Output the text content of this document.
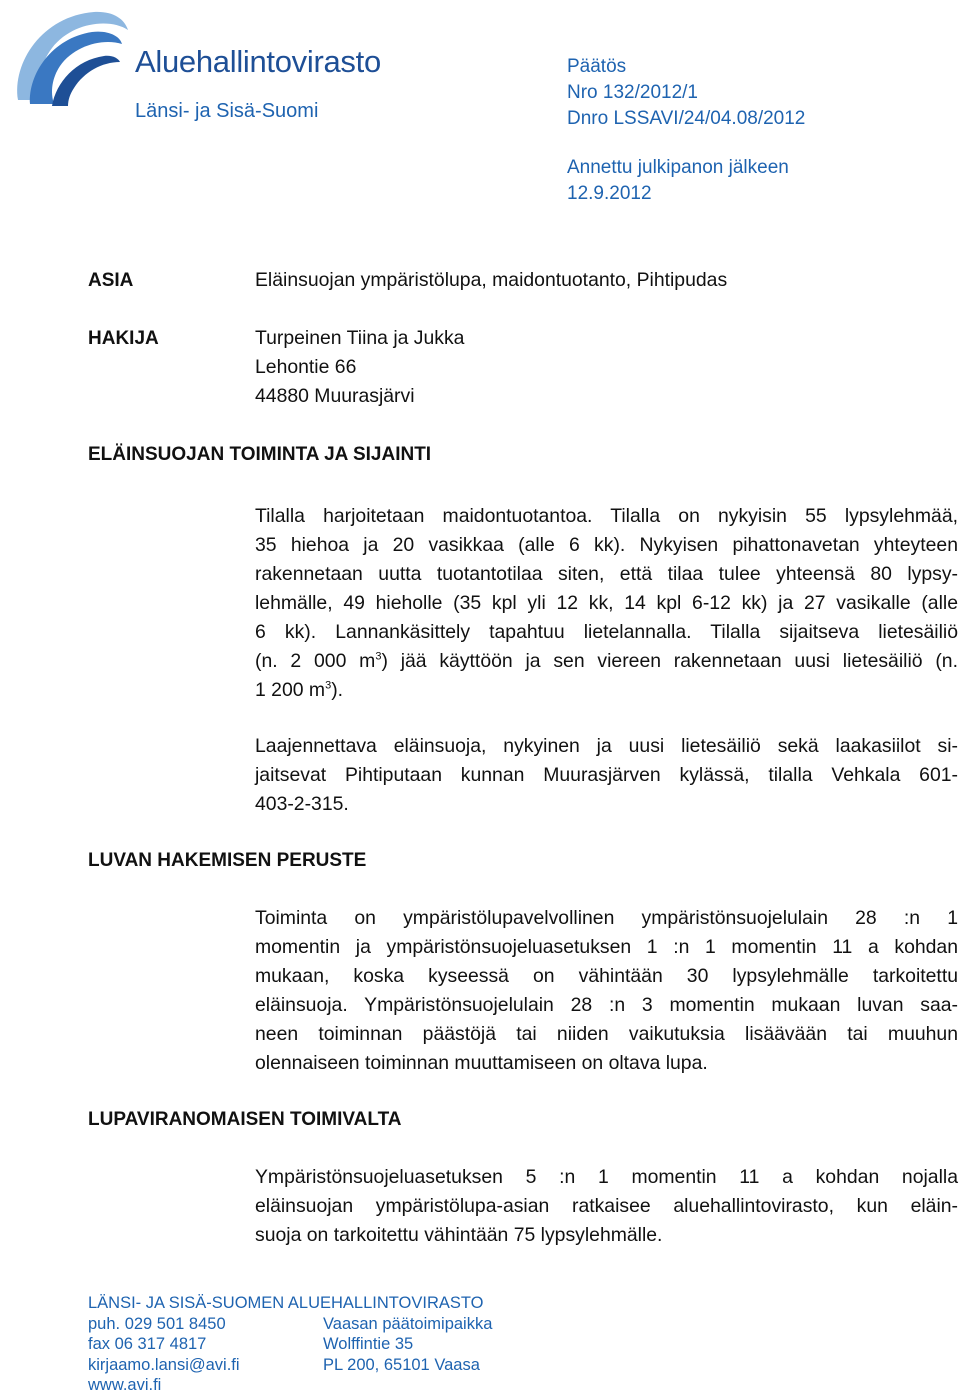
Aluehallintovirasto
Länsi- ja Sisä-Suomi
Päätös
Nro 132/2012/1
Dnro LSSAVI/24/04.08/2012
Annettu julkipanon jälkeen
12.9.2012
ASIA	Eläinsuojan ympäristölupa, maidontuotanto, Pihtipudas
HAKIJA	Turpeinen Tiina ja Jukka
Lehontie 66
44880 Muurasjärvi
ELÄINSUOJAN TOIMINTA JA SIJAINTI
Tilalla harjoitetaan maidontuotantoa. Tilalla on nykyisin 55 lypsylehmää,
35 hiehoa ja 20 vasikkaa (alle 6 kk). Nykyisen pihattonavetan yhteyteen
rakennetaan uutta tuotantotilaa siten, että tilaa tulee yhteensä 80 lypsy-
lehmälle, 49 hieholle (35 kpl yli 12 kk, 14 kpl 6-12 kk) ja 27 vasikalle (alle
6 kk). Lannankäsittely tapahtuu lietelannalla. Tilalla sijaitseva lietesäiliö
(n. 2 000 $m^3$) jää käyttöön ja sen viereen rakennetaan uusi lietesäiliö (n.
1 200 $m^3$).
Laajennettava eläinsuoja, nykyinen ja uusi lietesäiliö sekä laakasiilot si-
jaitsevat Pihtiputaan kunnan Muurasjärven kylässä, tilalla Vehkala 601-
403-2-315.
LUVAN HAKEMISEN PERUSTE
Toiminta on ympäristölupavelvollinen ympäristönsuojelulain 28 :n 1
momentin ja ympäristönsuojeluasetuksen 1 :n 1 momentin 11 a kohdan
mukaan, koska kyseessä on vähintään 30 lypsylehmälle tarkoitettu
eläinsuoja. Ympäristönsuojelulain 28 :n 3 momentin mukaan luvan saa-
neen toiminnan päästöjä tai niiden vaikutuksia lisäävään tai muuhun
olennaiseen toiminnan muuttamiseen on oltava lupa.
LUPAVIRANOMAISEN TOIMIVALTA
Ympäristönsuojeluasetuksen 5 :n 1 momentin 11 a kohdan nojalla
eläinsuojan ympäristölupa-asian ratkaisee aluehallintovirasto, kun eläin-
suoja on tarkoitettu vähintään 75 lypsylehmälle.
LÄNSI- JA SISÄ-SUOMEN ALUEHALLINTOVIRASTO
puh. 029 501 8450
fax 06 317 4817
kirjaamo.lansi@avi.fi
www.avi.fi
Vaasan päätoimipaikka
Wolffintie 35
PL 200, 65101 Vaasa
